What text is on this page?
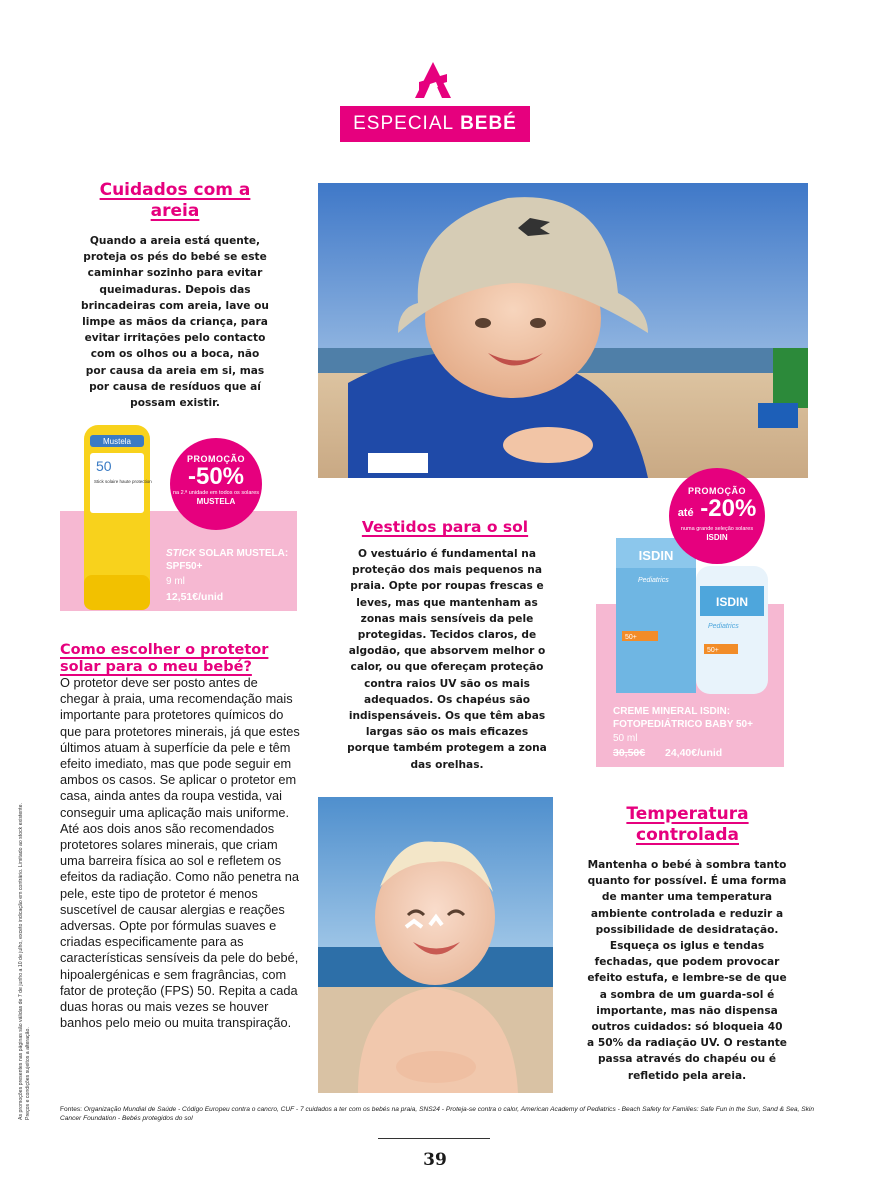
ESPECIAL BEBÉ
Cuidados com a areia

Quando a areia está quente, proteja os pés do bebé se este caminhar sozinho para evitar queimaduras. Depois das brincadeiras com areia, lave ou limpe as mãos da criança, para evitar irritações pelo contacto com os olhos ou a boca, não por causa da areia em si, mas por causa de resíduos que aí possam existir.

Mustela
50
Stick solaire haute protection
PROMOÇÃO
-50%
na 2.ª unidade em todos os solares
MUSTELA
STICK SOLAR MUSTELA: SPF50+
9 ml
12,51€/unid
Como escolher o protetor solar para o meu bebé?

O protetor deve ser posto antes de chegar à praia, uma recomendação mais importante para protetores químicos do que para protetores minerais, já que estes últimos atuam à superfície da pele e têm efeito imediato, mas que pode seguir em ambos os casos. Se aplicar o protetor em casa, ainda antes da roupa vestida, vai conseguir uma aplicação mais uniforme.

Até aos dois anos são recomendados protetores solares minerais, que criam uma barreira física ao sol e refletem os efeitos da radiação. Como não penetra na pele, este tipo de protetor é menos suscetível de causar alergias e reações adversas. Opte por fórmulas suaves e criadas especificamente para as características sensíveis da pele do bebé, hipoalergénicas e sem fragrâncias, com fator de proteção (FPS) 50. Repita a cada duas horas ou mais vezes se houver banhos pelo meio ou muita transpiração.

As promoções presentes nas páginas são válidas de 7 de junho a 10 de julho, exceto indicação em contrário. Limitado ao stock existente. Preços e condições sujeitos a alteração.
Vestidos para o sol

O vestuário é fundamental na proteção dos mais pequenos na praia. Opte por roupas frescas e leves, mas que mantenham as zonas mais sensíveis da pele protegidas. Tecidos claros, de algodão, que absorvem melhor o calor, ou que ofereçam proteção contra raios UV são os mais adequados. Os chapéus são indispensáveis. Os que têm abas largas são os mais eficazes porque também protegem a zona das orelhas.

ISDIN
Pediatrics
50+
ISDIN
Pediatrics
50+
PROMOÇÃO
até -20%
numa grande seleção solares
ISDIN
CREME MINERAL ISDIN: FOTOPEDIÁTRICO BABY 50+
50 ml
30,50€ 24,40€/unid
Temperatura controlada

Mantenha o bebé à sombra tanto quanto for possível. É uma forma de manter uma temperatura ambiente controlada e reduzir a possibilidade de desidratação. Esqueça os iglus e tendas fechadas, que podem provocar efeito estufa, e lembre-se de que a sombra de um guarda-sol é importante, mas não dispensa outros cuidados: só bloqueia 40 a 50% da radiação UV. O restante passa através do chapéu ou é refletido pela areia.

Fontes: Organização Mundial de Saúde - Código Europeu contra o cancro, CUF - 7 cuidados a ter com os bebés na praia, SNS24 - Proteja-se contra o calor, American Academy of Pediatrics - Beach Safety for Families: Safe Fun in the Sun, Sand & Sea, Skin Cancer Foundation - Bebés protegidos do sol

39
